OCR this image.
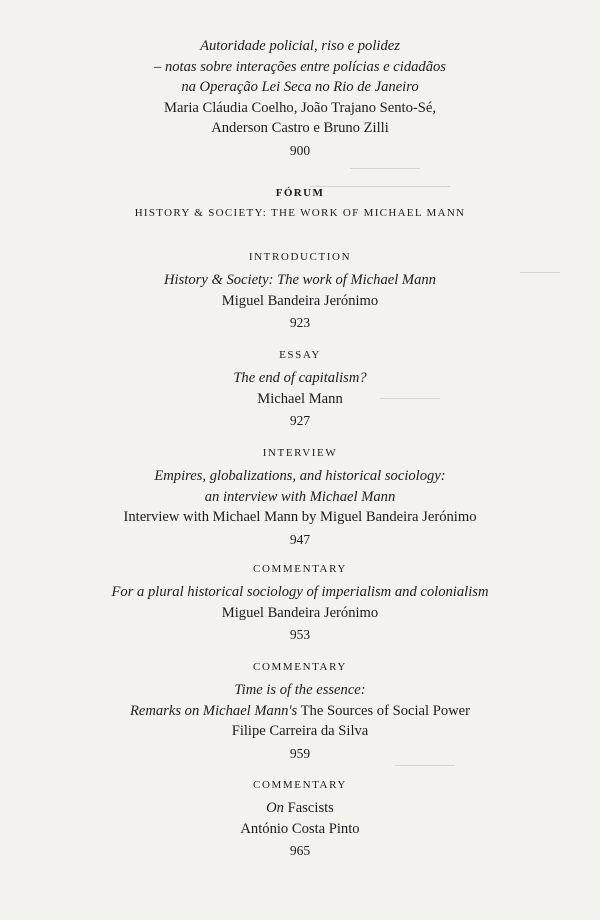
Autoridade policial, riso e polidez
– notas sobre interações entre polícias e cidadãos
na Operação Lei Seca no Rio de Janeiro
Maria Cláudia Coelho, João Trajano Sento-Sé,
Anderson Castro e Bruno Zilli
900
FÓRUM
HISTORY & SOCIETY: THE WORK OF MICHAEL MANN
INTRODUCTION
History & Society: The work of Michael Mann
Miguel Bandeira Jerónimo
923
ESSAY
The end of capitalism?
Michael Mann
927
INTERVIEW
Empires, globalizations, and historical sociology:
an interview with Michael Mann
Interview with Michael Mann by Miguel Bandeira Jerónimo
947
COMMENTARY
For a plural historical sociology of imperialism and colonialism
Miguel Bandeira Jerónimo
953
COMMENTARY
Time is of the essence:
Remarks on Michael Mann's The Sources of Social Power
Filipe Carreira da Silva
959
COMMENTARY
On Fascists
António Costa Pinto
965
